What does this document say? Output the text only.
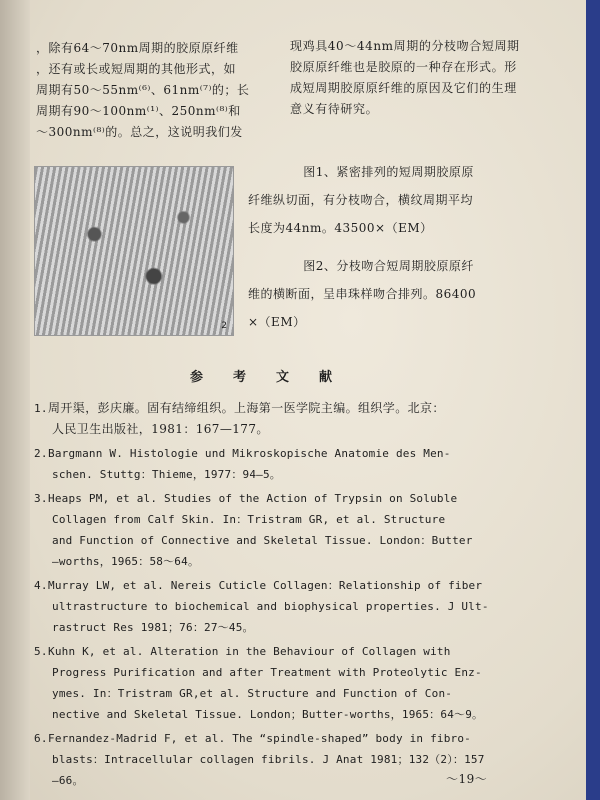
，除有64～70nm周期的胶原原纤维

，还有或长或短周期的其他形式，如

周期有50～55nm⁽⁶⁾、61nm⁽⁷⁾的；长

周期有90～100nm⁽¹⁾、250nm⁽⁸⁾和

～300nm⁽⁸⁾的。总之，这说明我们发

现鸡具40～44nm周期的分枝吻合短周期

胶原原纤维也是胶原的一种存在形式。形

成短周期胶原原纤维的原因及它们的生理

意义有待研究。

2

图1、紧密排列的短周期胶原原

纤维纵切面，有分枝吻合，横纹周期平均

长度为44nm。43500×（EM）

图2、分枝吻合短周期胶原原纤

维的横断面，呈串珠样吻合排列。86400

×（EM）

参 考 文 献
1. 周开渠，彭庆廉。固有结缔组织。上海第一医学院主编。组织学。北京：
人民卫生出版社，1981：167—177。
2. Bargmann W. Histologie und Mikroskopische Anatomie des Men-
schen. Stuttg：Thieme，1977：94—5。
3. Heaps PM, et al. Studies of the Action of Trypsin on Soluble
Collagen from Calf Skin. In：Tristram GR, et al. Structure
and Function of Connective and Skeletal Tissue. London：Butter
—worths，1965：58～64。
4. Murray LW, et al. Nereis Cuticle Collagen：Relationship of fiber
ultrastructure to biochemical and biophysical properties. J Ult-
rastruct Res 1981；76：27～45。
5. Kuhn K, et al. Alteration in the Behaviour of Collagen with
Progress Purification and after Treatment with Proteolytic Enz-
ymes. In：Tristram GR,et al. Structure and Function of Con-
nective and Skeletal Tissue. London；Butter-worths，1965：64～9。
6. Fernandez-Madrid F, et al. The “spindle-shaped” body in fibro-
blasts：Intracellular collagen fibrils. J Anat 1981；132（2）：157
—66。	～19～
